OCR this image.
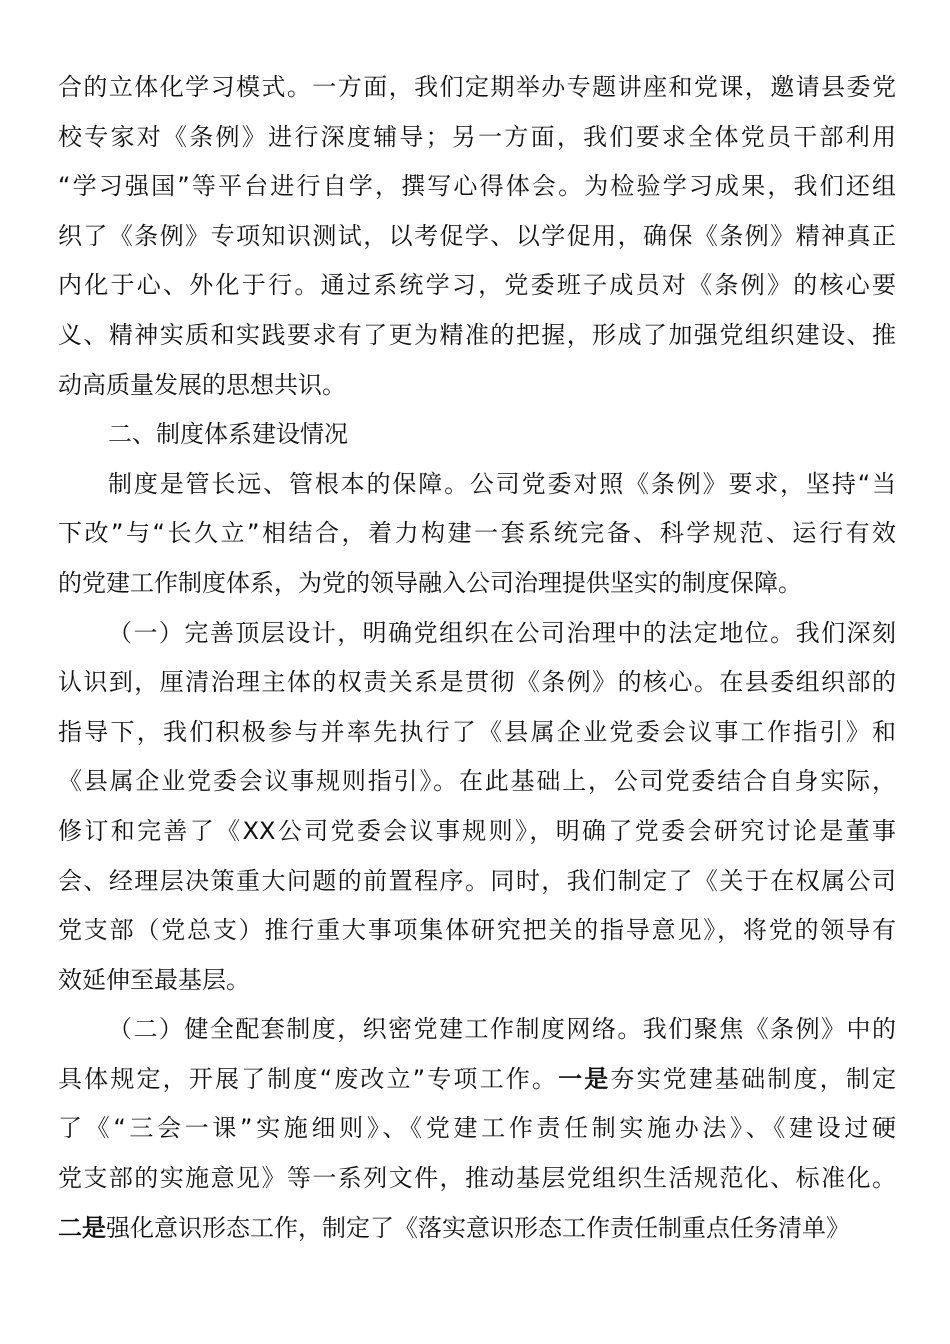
合的立体化学习模式。一方面，我们定期举办专题讲座和党课，邀请县委党
校专家对《条例》进行深度辅导；另一方面，我们要求全体党员干部利用
“学习强国”等平台进行自学，撰写心得体会。为检验学习成果，我们还组
织了《条例》专项知识测试，以考促学、以学促用，确保《条例》精神真正
内化于心、外化于行。通过系统学习，党委班子成员对《条例》的核心要
义、精神实质和实践要求有了更为精准的把握，形成了加强党组织建设、推
动高质量发展的思想共识。
二、制度体系建设情况
制度是管长远、管根本的保障。公司党委对照《条例》要求，坚持“当
下改”与“长久立”相结合，着力构建一套系统完备、科学规范、运行有效
的党建工作制度体系，为党的领导融入公司治理提供坚实的制度保障。
（一）完善顶层设计，明确党组织在公司治理中的法定地位。我们深刻
认识到，厘清治理主体的权责关系是贯彻《条例》的核心。在县委组织部的
指导下，我们积极参与并率先执行了《县属企业党委会议事工作指引》和
《县属企业党委会议事规则指引》。在此基础上，公司党委结合自身实际，
修订和完善了《XX公司党委会议事规则》，明确了党委会研究讨论是董事
会、经理层决策重大问题的前置程序。同时，我们制定了《关于在权属公司
党支部（党总支）推行重大事项集体研究把关的指导意见》，将党的领导有
效延伸至最基层。
（二）健全配套制度，织密党建工作制度网络。我们聚焦《条例》中的
具体规定，开展了制度“废改立”专项工作。一是夯实党建基础制度，制定
了《“三会一课”实施细则》、《党建工作责任制实施办法》、《建设过硬
党支部的实施意见》等一系列文件，推动基层党组织生活规范化、标准化。
二是强化意识形态工作，制定了《落实意识形态工作责任制重点任务清单》
